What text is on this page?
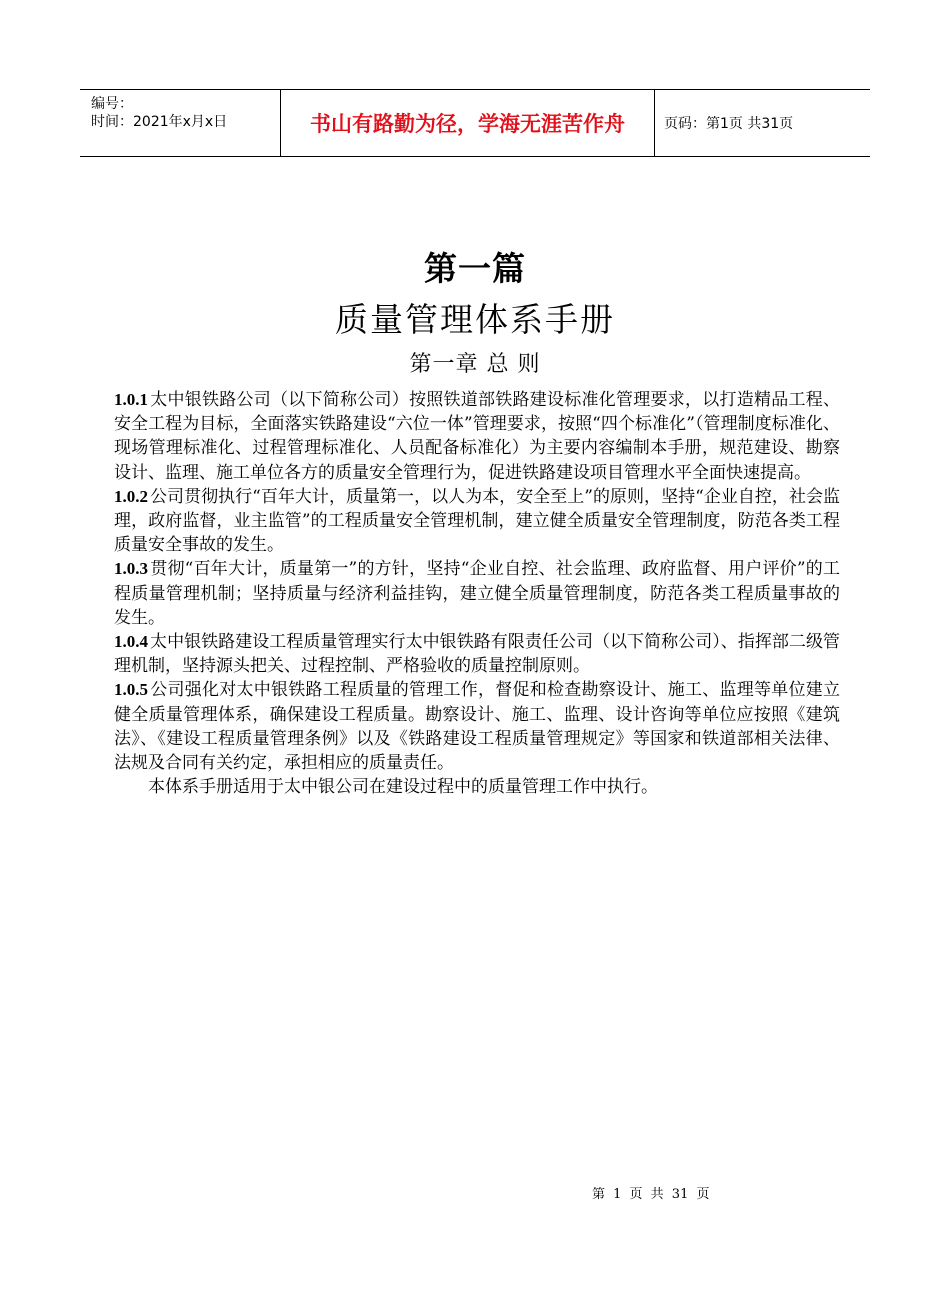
编号：
时间：2021年x月x日	书山有路勤为径，学海无涯苦作舟	页码：第1页 共31页
第一篇
质量管理体系手册
第一章 总 则

1.0.1 太中银铁路公司（以下简称公司）按照铁道部铁路建设标准化管理要求，以打造精品工程、安全工程为目标，全面落实铁路建设“六位一体”管理要求，按照“四个标准化”（管理制度标准化、现场管理标准化、过程管理标准化、人员配备标准化）为主要内容编制本手册，规范建设、勘察设计、监理、施工单位各方的质量安全管理行为，促进铁路建设项目管理水平全面快速提高。

1.0.2 公司贯彻执行“百年大计，质量第一，以人为本，安全至上”的原则，坚持“企业自控，社会监理，政府监督，业主监管”的工程质量安全管理机制，建立健全质量安全管理制度，防范各类工程质量安全事故的发生。

1.0.3 贯彻“百年大计，质量第一”的方针，坚持“企业自控、社会监理、政府监督、用户评价”的工程质量管理机制；坚持质量与经济利益挂钩，建立健全质量管理制度，防范各类工程质量事故的发生。

1.0.4 太中银铁路建设工程质量管理实行太中银铁路有限责任公司（以下简称公司）、指挥部二级管理机制，坚持源头把关、过程控制、严格验收的质量控制原则。

1.0.5 公司强化对太中银铁路工程质量的管理工作，督促和检查勘察设计、施工、监理等单位建立健全质量管理体系，确保建设工程质量。勘察设计、施工、监理、设计咨询等单位应按照《建筑法》、《建设工程质量管理条例》以及《铁路建设工程质量管理规定》等国家和铁道部相关法律、法规及合同有关约定，承担相应的质量责任。

本体系手册适用于太中银公司在建设过程中的质量管理工作中执行。

第 1 页 共 31 页
